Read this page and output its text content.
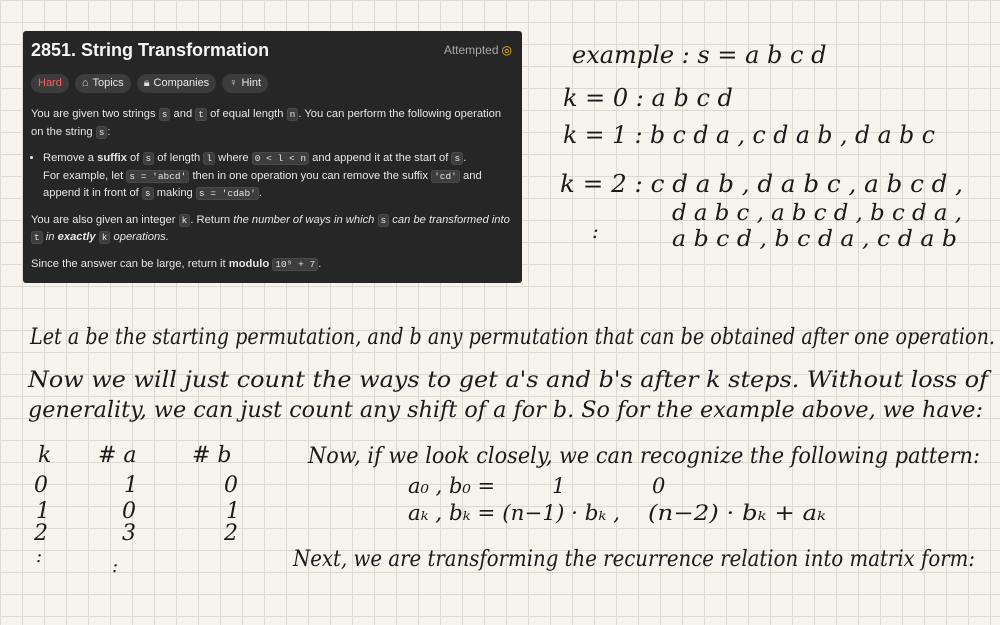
2851. String Transformation	Attempted ◎
Hard ⌂ Topics 🔒︎ Companies ♀ Hint

You are given two strings s and t of equal length n . You can perform the following operation on the string s :

• Remove a suffix of s of length l where 0 < l < n and append it at the start of s .
For example, let s = 'abcd' then in one operation you can remove the suffix 'cd' and append it in front of s making s = 'cdab' .

You are also given an integer k . Return the number of ways in which s can be transformed into t in exactly k operations.

Since the answer can be large, return it modulo 10⁹ + 7 .

example : s = a b c d
k = 0 : a b c d
k = 1 : b c d a , c d a b , d a b c
k = 2 : c d a b , d a b c , a b c d ,
d a b c , a b c d , b c d a ,
a b c d , b c d a , c d a b
:
Let a be the starting permutation, and b any permutation that can be obtained after one operation.
Now we will just count the ways to get a's and b's after k steps. Without loss of
generality, we can just count any shift of a for b. So for the example above, we have:
k # a	# b
0	1	0
1	0	1
2	3	2
:	:
Now, if we look closely, we can recognize the following pattern:
a₀ , b₀ =	1	0
aₖ , bₖ = (n−1) · bₖ , (n−2) · bₖ + aₖ
Next, we are transforming the recurrence relation into matrix form:
